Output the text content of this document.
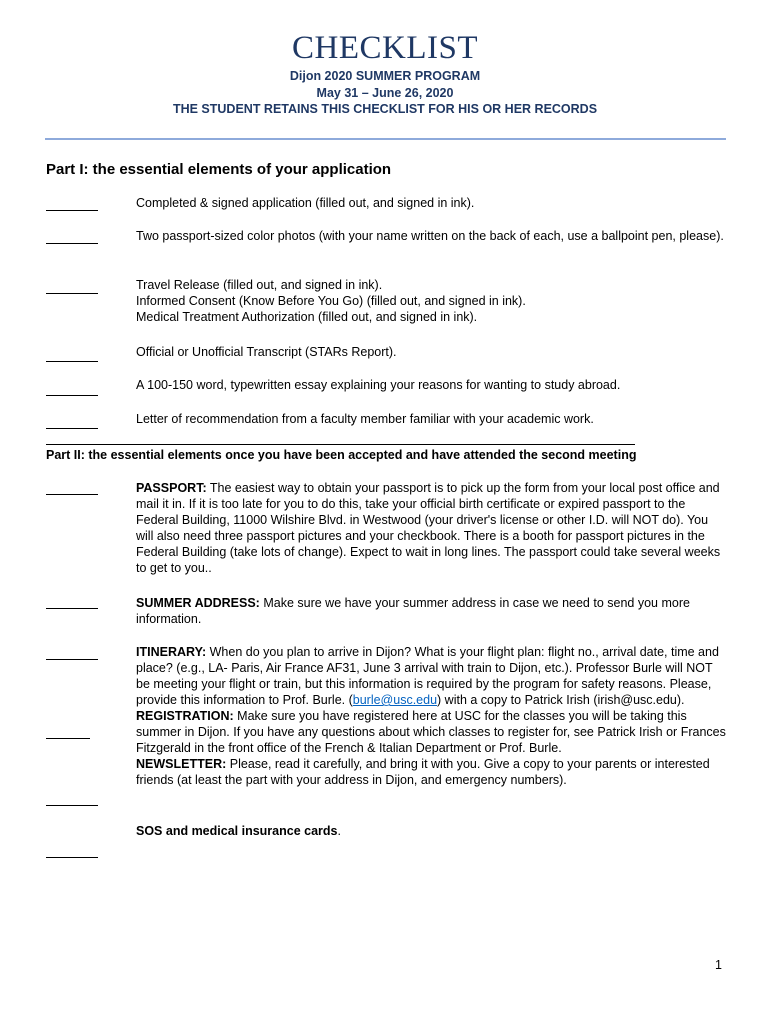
CHECKLIST
Dijon 2020 SUMMER PROGRAM
May 31 – June 26, 2020
THE STUDENT RETAINS THIS CHECKLIST FOR HIS OR HER RECORDS
Part I: the essential elements of your application

Completed & signed application (filled out, and signed in ink).

Two passport-sized color photos (with your name written on the back of each, use a ballpoint pen, please).

Travel Release (filled out, and signed in ink).

Informed Consent (Know Before You Go) (filled out, and signed in ink).

Medical Treatment Authorization (filled out, and signed in ink).

Official or Unofficial Transcript (STARs Report).

A 100-150 word, typewritten essay explaining your reasons for wanting to study abroad.

Letter of recommendation from a faculty member familiar with your academic work.

Part II: the essential elements once you have been accepted and have attended the second meeting

PASSPORT: The easiest way to obtain your passport is to pick up the form from your local post office and mail it in. If it is too late for you to do this, take your official birth certificate or expired passport to the Federal Building, 11000 Wilshire Blvd. in Westwood (your driver's license or other I.D. will NOT do). You will also need three passport pictures and your checkbook. There is a booth for passport pictures in the Federal Building (take lots of change). Expect to wait in long lines. The passport could take several weeks to get to you..

SUMMER ADDRESS: Make sure we have your summer address in case we need to send you more information.

ITINERARY: When do you plan to arrive in Dijon? What is your flight plan: flight no., arrival date, time and place? (e.g., LA- Paris, Air France AF31, June 3 arrival with train to Dijon, etc.). Professor Burle will NOT be meeting your flight or train, but this information is required by the program for safety reasons. Please, provide this information to Prof. Burle. (burle@usc.edu) with a copy to Patrick Irish (irish@usc.edu). REGISTRATION: Make sure you have registered here at USC for the classes you will be taking this summer in Dijon. If you have any questions about which classes to register for, see Patrick Irish or Frances Fitzgerald in the front office of the French & Italian Department or Prof. Burle.

NEWSLETTER: Please, read it carefully, and bring it with you. Give a copy to your parents or interested friends (at least the part with your address in Dijon, and emergency numbers).

SOS and medical insurance cards.

1
